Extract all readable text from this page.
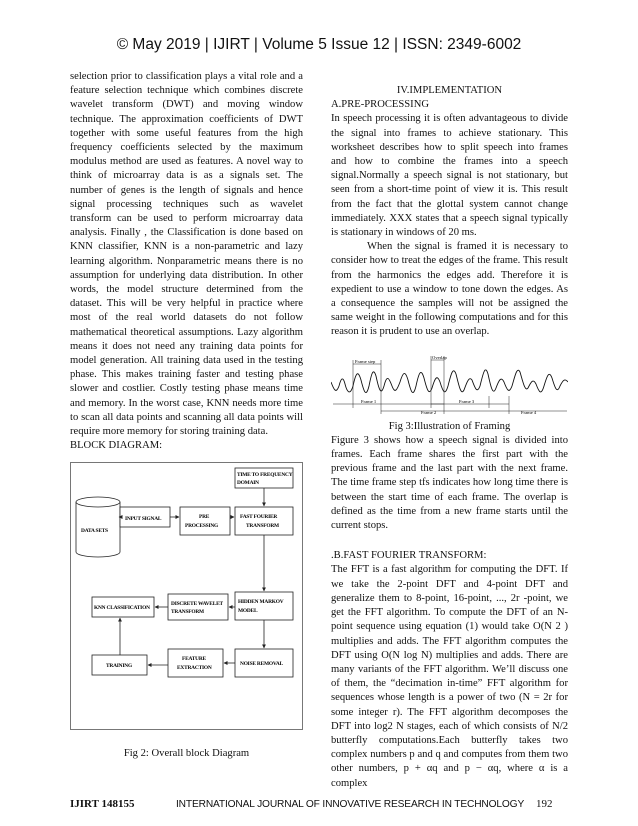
© May 2019 | IJIRT | Volume 5 Issue 12 | ISSN: 2349-6002

selection prior to classification plays a vital role and a feature selection technique which combines discrete wavelet transform (DWT) and moving window technique. The approximation coefficients of DWT together with some useful features from the high frequency coefficients selected by the maximum modulus method are used as features. A novel way to think of microarray data is as a signals set. The number of genes is the length of signals and hence signal processing techniques such as wavelet transform can be used to perform microarray data analysis. Finally , the Classification is done based on KNN classifier, KNN is a non-parametric and lazy learning algorithm. Nonparametric means there is no assumption for underlying data distribution. In other words, the model structure determined from the dataset. This will be very helpful in practice where most of the real world datasets do not follow mathematical theoretical assumptions. Lazy algorithm means it does not need any training data points for model generation. All training data used in the testing phase. This makes training faster and testing phase slower and costlier. Costly testing phase means time and memory. In the worst case, KNN needs more time to scan all data points and scanning all data points will require more memory for storing training data.

BLOCK DIAGRAM:

DATA SETS
INPUT SIGNAL	PRE
PROCESSING
TIME TO FREQUENCY
DOMAIN
FAST FOURIER
TRANSFORM
HIDDEN MARKOV
MODEL
DISCRETE WAVELET
TRANSFORM
KNN CLASSIFICATION
TRAINING
FEATURE
EXTRACTION
NOISE REMOVAL

Fig 2: Overall block Diagram

IV.IMPLEMENTATION

A.PRE-PROCESSING

In speech processing it is often advantageous to divide the signal into frames to achieve stationary. This worksheet describes how to split speech into frames and how to combine the frames into a speech signal.Normally a speech signal is not stationary, but seen from a short-time point of view it is. This result from the fact that the glottal system cannot change immediately. XXX states that a speech signal typically is stationary in windows of 20 ms.

When the signal is framed it is necessary to consider how to treat the edges of the frame. This result from the harmonics the edges add. Therefore it is expedient to use a window to tone down the edges. As a consequence the samples will not be assigned the same weight in the following computations and for this reason it is prudent to use an overlap.

Overlap
Frame step
Frame 1
Frame 2
Frame 3
Frame 4

Fig 3:Illustration of Framing

Figure 3 shows how a speech signal is divided into frames. Each frame shares the first part with the previous frame and the last part with the next frame. The time frame step tfs indicates how long time there is between the start time of each frame. The overlap is defined as the time from a new frame starts until the current stops.

.B.FAST FOURIER TRANSFORM:

The FFT is a fast algorithm for computing the DFT. If we take the 2-point DFT and 4-point DFT and generalize them to 8-point, 16-point, ..., 2r -point, we get the FFT algorithm. To compute the DFT of an N-point sequence using equation (1) would take O(N 2 ) multiplies and adds. The FFT algorithm computes the DFT using O(N log N) multiplies and adds. There are many variants of the FFT algorithm. We’ll discuss one of them, the “decimation in-time” FFT algorithm for sequences whose length is a power of two (N = 2r for some integer r). The FFT algorithm decomposes the DFT into log2 N stages, each of which consists of N/2 butterfly computations.Each butterfly takes two complex numbers p and q and computes from them two other numbers, p + αq and p − αq, where α is a complex

IJIRT 148155	INTERNATIONAL JOURNAL OF INNOVATIVE RESEARCH IN TECHNOLOGY 192
